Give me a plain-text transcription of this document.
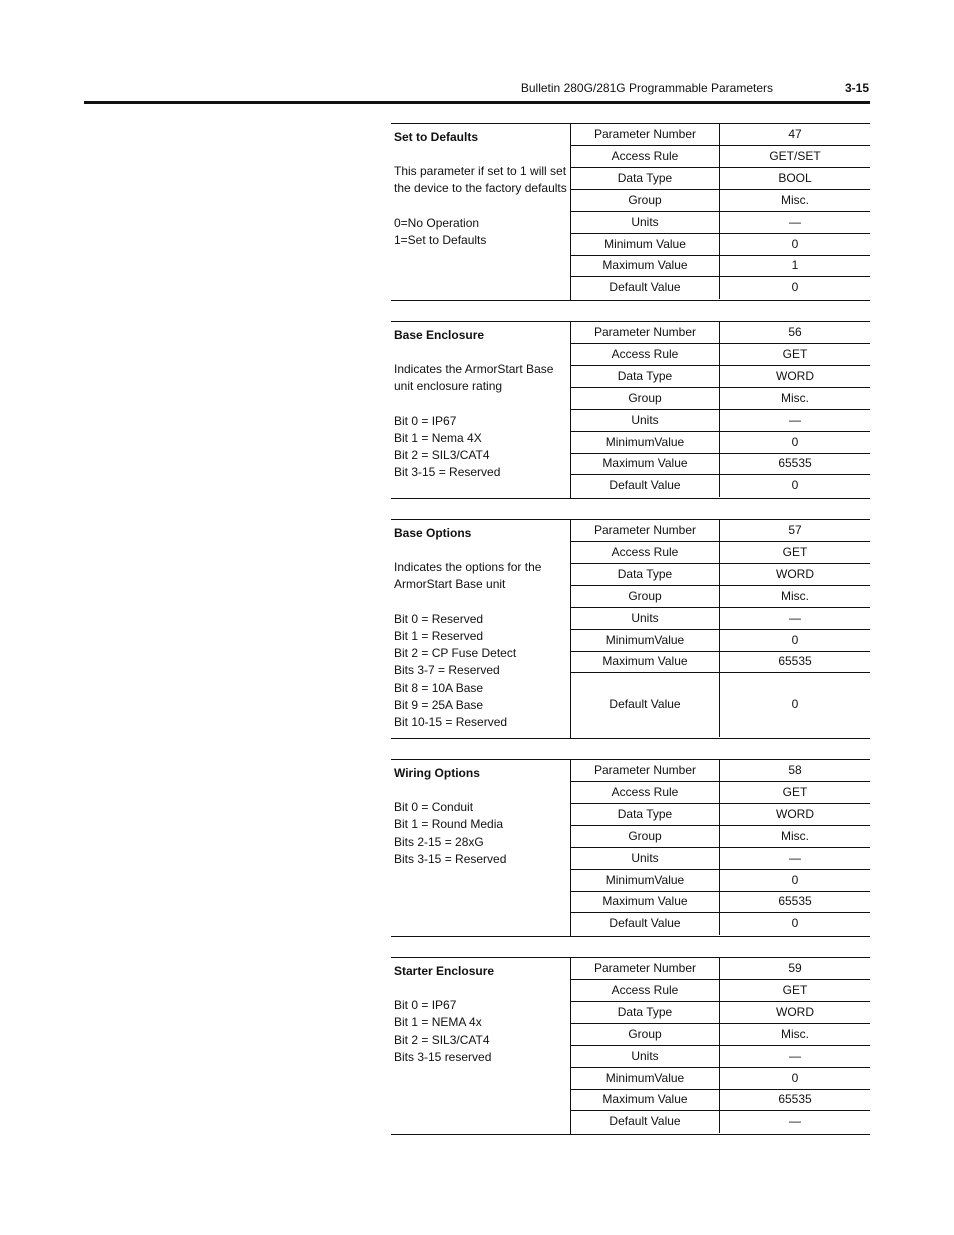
Bulletin 280G/281G Programmable Parameters	3-15
Set to Defaults
This parameter if set to 1 will set
the device to the factory defaults
0=No Operation
1=Set to Defaults
Parameter Number	47
Access Rule	GET/SET
Data Type	BOOL
Group	Misc.
Units	—
Minimum Value	0
Maximum Value	1
Default Value	0
Base Enclosure
Indicates the ArmorStart Base
unit enclosure rating
Bit 0 = IP67
Bit 1 = Nema 4X
Bit 2 = SIL3/CAT4
Bit 3-15 = Reserved
Parameter Number	56
Access Rule	GET
Data Type	WORD
Group	Misc.
Units	—
MinimumValue	0
Maximum Value	65535
Default Value	0
Base Options
Indicates the options for the
ArmorStart Base unit
Bit 0 = Reserved
Bit 1 = Reserved
Bit 2 = CP Fuse Detect
Bits 3-7 = Reserved
Bit 8 = 10A Base
Bit 9 = 25A Base
Bit 10-15 = Reserved
Parameter Number	57
Access Rule	GET
Data Type	WORD
Group	Misc.
Units	—
MinimumValue	0
Maximum Value	65535
Default Value	0
Wiring Options
Bit 0 = Conduit
Bit 1 = Round Media
Bits 2-15 = 28xG
Bits 3-15 = Reserved
Parameter Number	58
Access Rule	GET
Data Type	WORD
Group	Misc.
Units	—
MinimumValue	0
Maximum Value	65535
Default Value	0
Starter Enclosure
Bit 0 = IP67
Bit 1 = NEMA 4x
Bit 2 = SIL3/CAT4
Bits 3-15 reserved
Parameter Number	59
Access Rule	GET
Data Type	WORD
Group	Misc.
Units	—
MinimumValue	0
Maximum Value	65535
Default Value	—
